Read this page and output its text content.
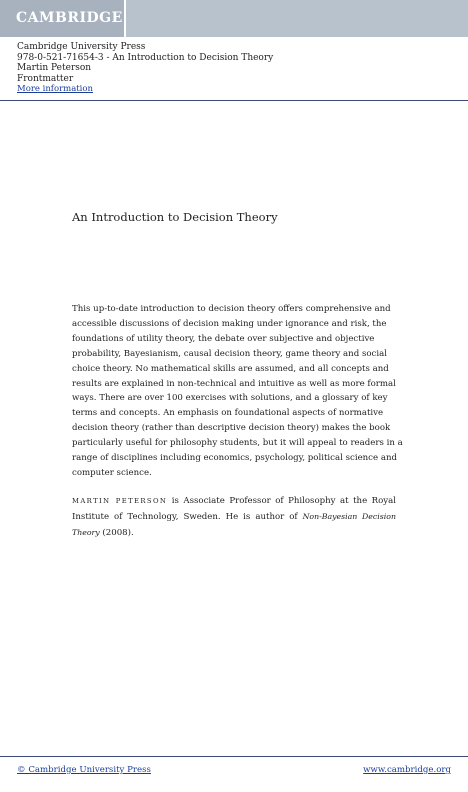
CAMBRIDGE
Cambridge University Press
978-0-521-71654-3 - An Introduction to Decision Theory
Martin Peterson
Frontmatter
More information
An Introduction to Decision Theory

This up-to-date introduction to decision theory offers comprehensive and
accessible discussions of decision making under ignorance and risk, the
foundations of utility theory, the debate over subjective and objective
probability, Bayesianism, causal decision theory, game theory and social
choice theory. No mathematical skills are assumed, and all concepts and
results are explained in non-technical and intuitive as well as more formal
ways. There are over 100 exercises with solutions, and a glossary of key
terms and concepts. An emphasis on foundational aspects of normative
decision theory (rather than descriptive decision theory) makes the book
particularly useful for philosophy students, but it will appeal to readers in a
range of disciplines including economics, psychology, political science and
computer science.

MARTIN PETERSON is Associate Professor of Philosophy at the Royal Institute of Technology, Sweden. He is author of Non-Bayesian Decision Theory (2008).
© Cambridge University Press	www.cambridge.org
